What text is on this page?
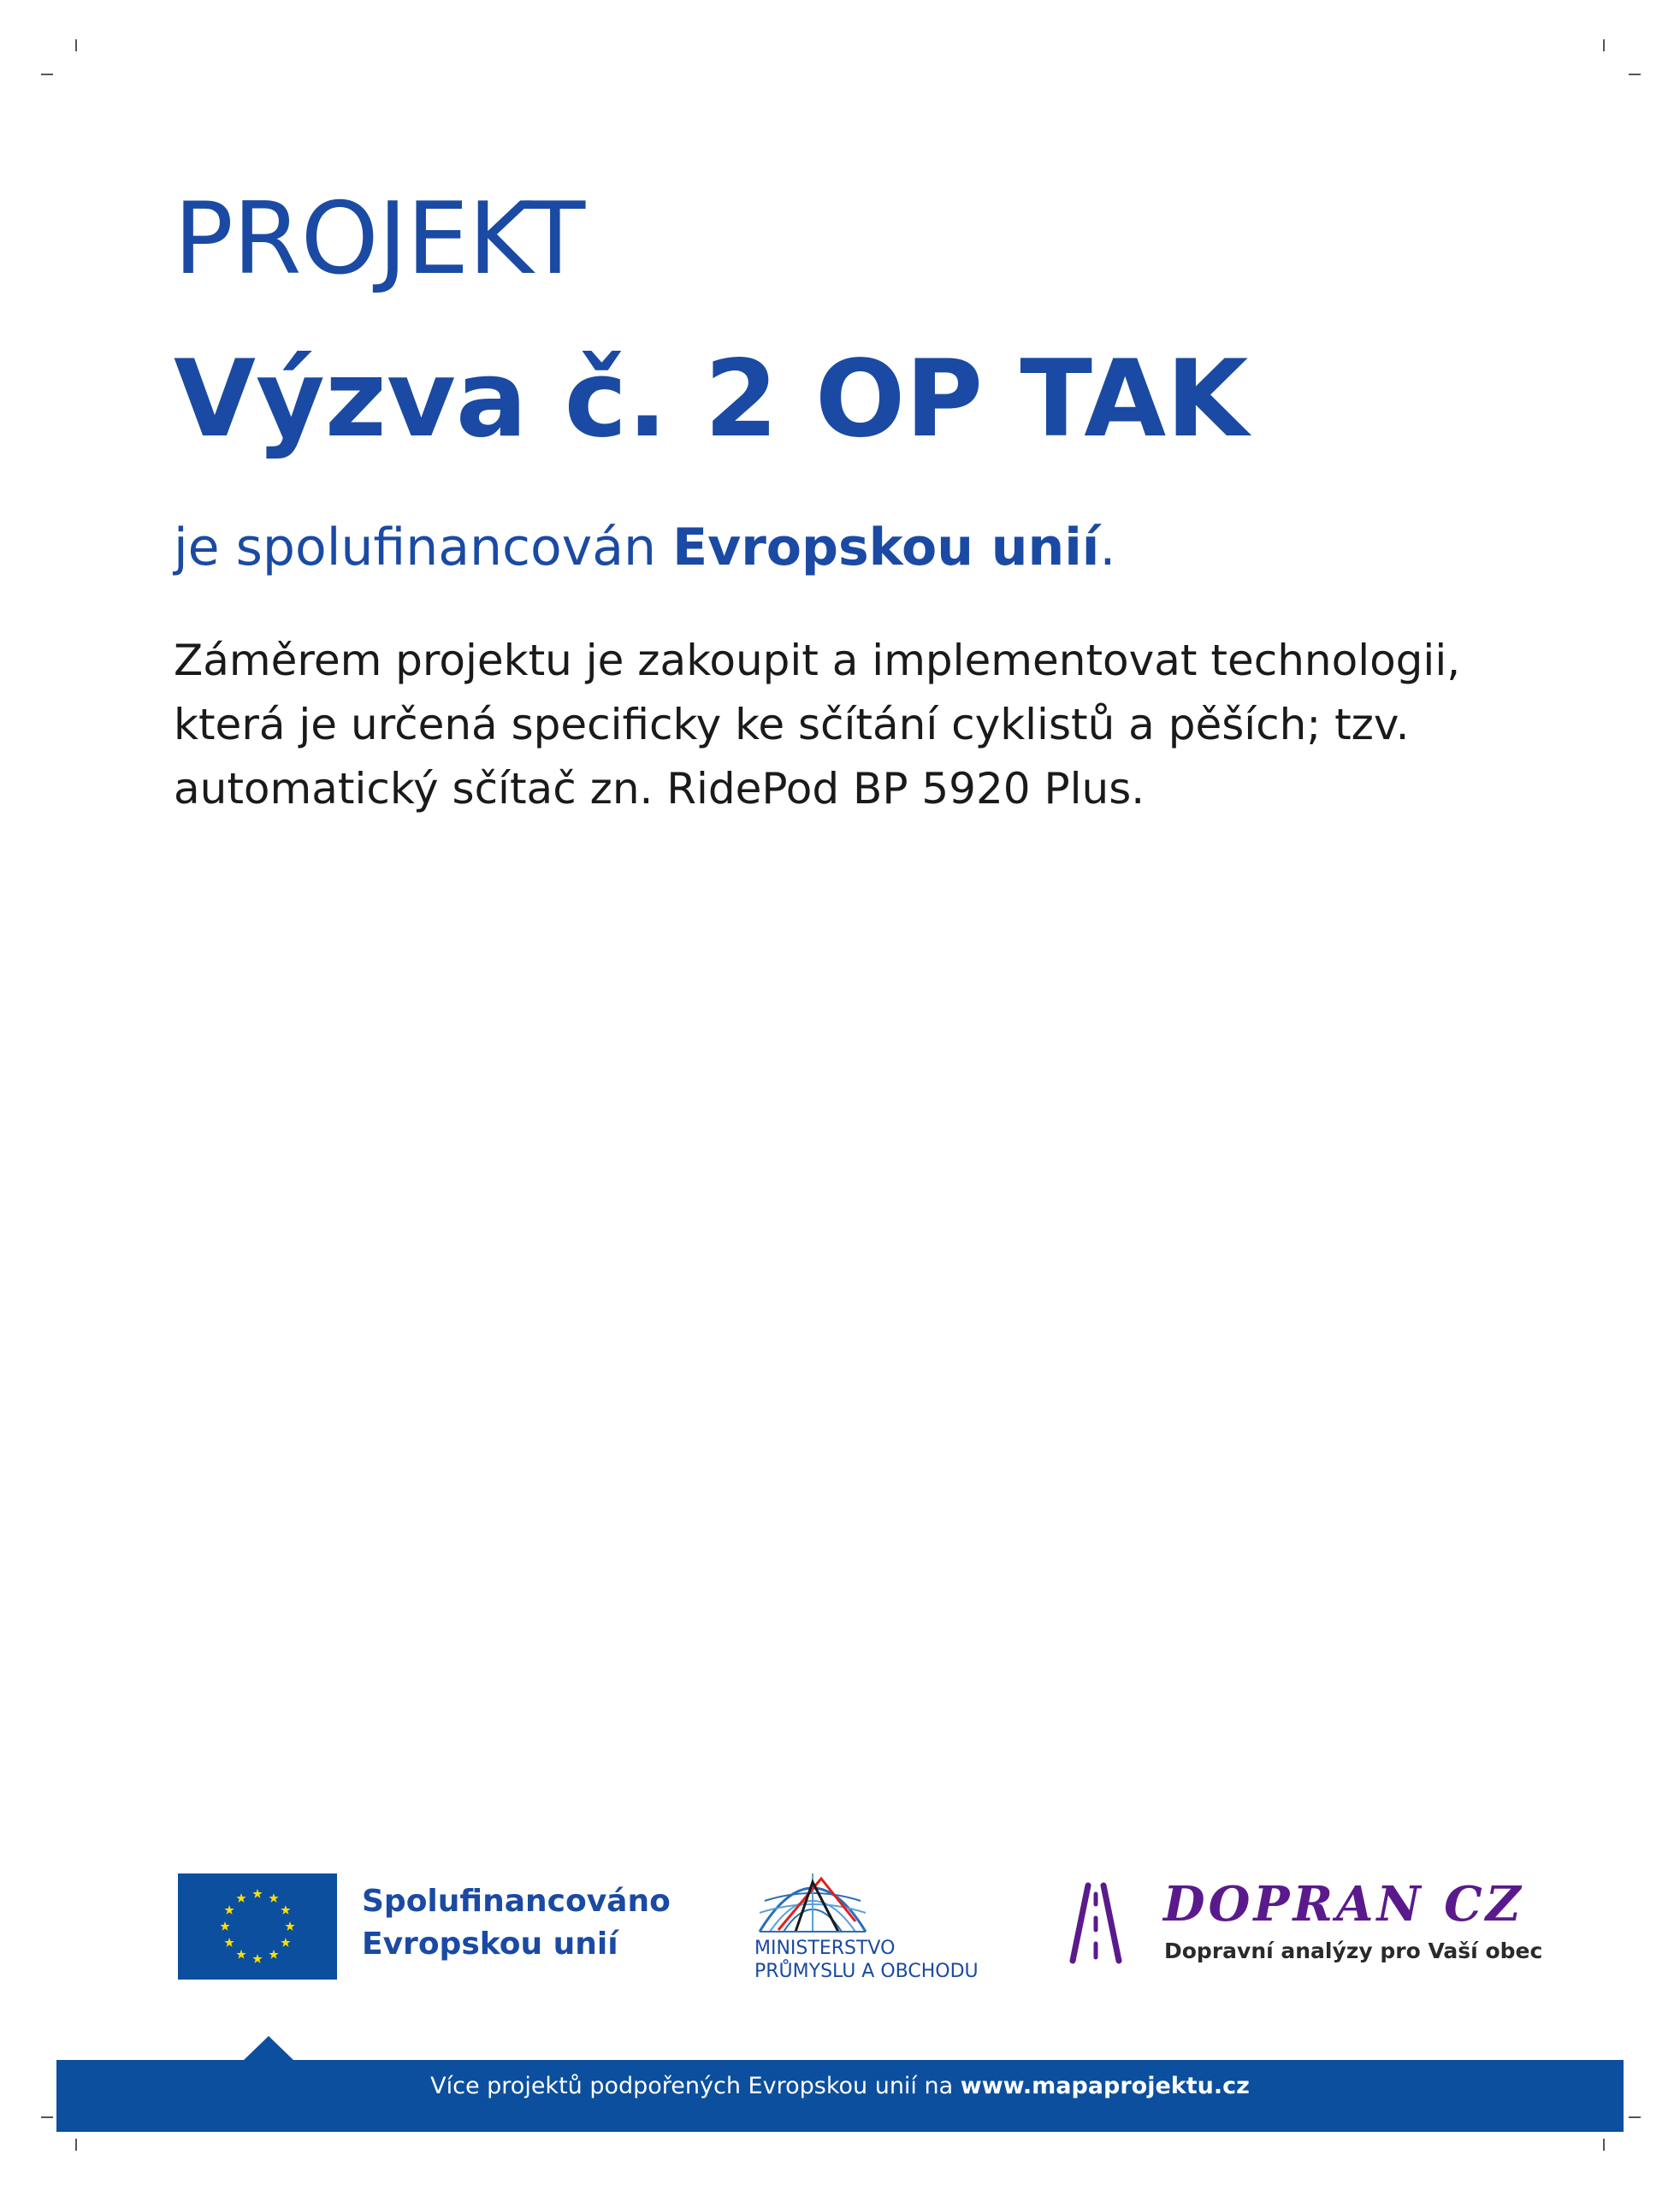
PROJEKT
Výzva č. 2 OP TAK
je spolufinancován Evropskou unií.
Záměrem projektu je zakoupit a implementovat technologii,
která je určená specificky ke sčítání cyklistů a pěších; tzv.
automatický sčítač zn. RidePod BP 5920 Plus.
Spolufinancováno
Evropskou unií	MINISTERSTVO
PRŮMYSLU A OBCHODU
DOPRAN CZ
Dopravní analýzy pro Vaší obec
Více projektů podpořených Evropskou unií na www.mapaprojektu.cz
